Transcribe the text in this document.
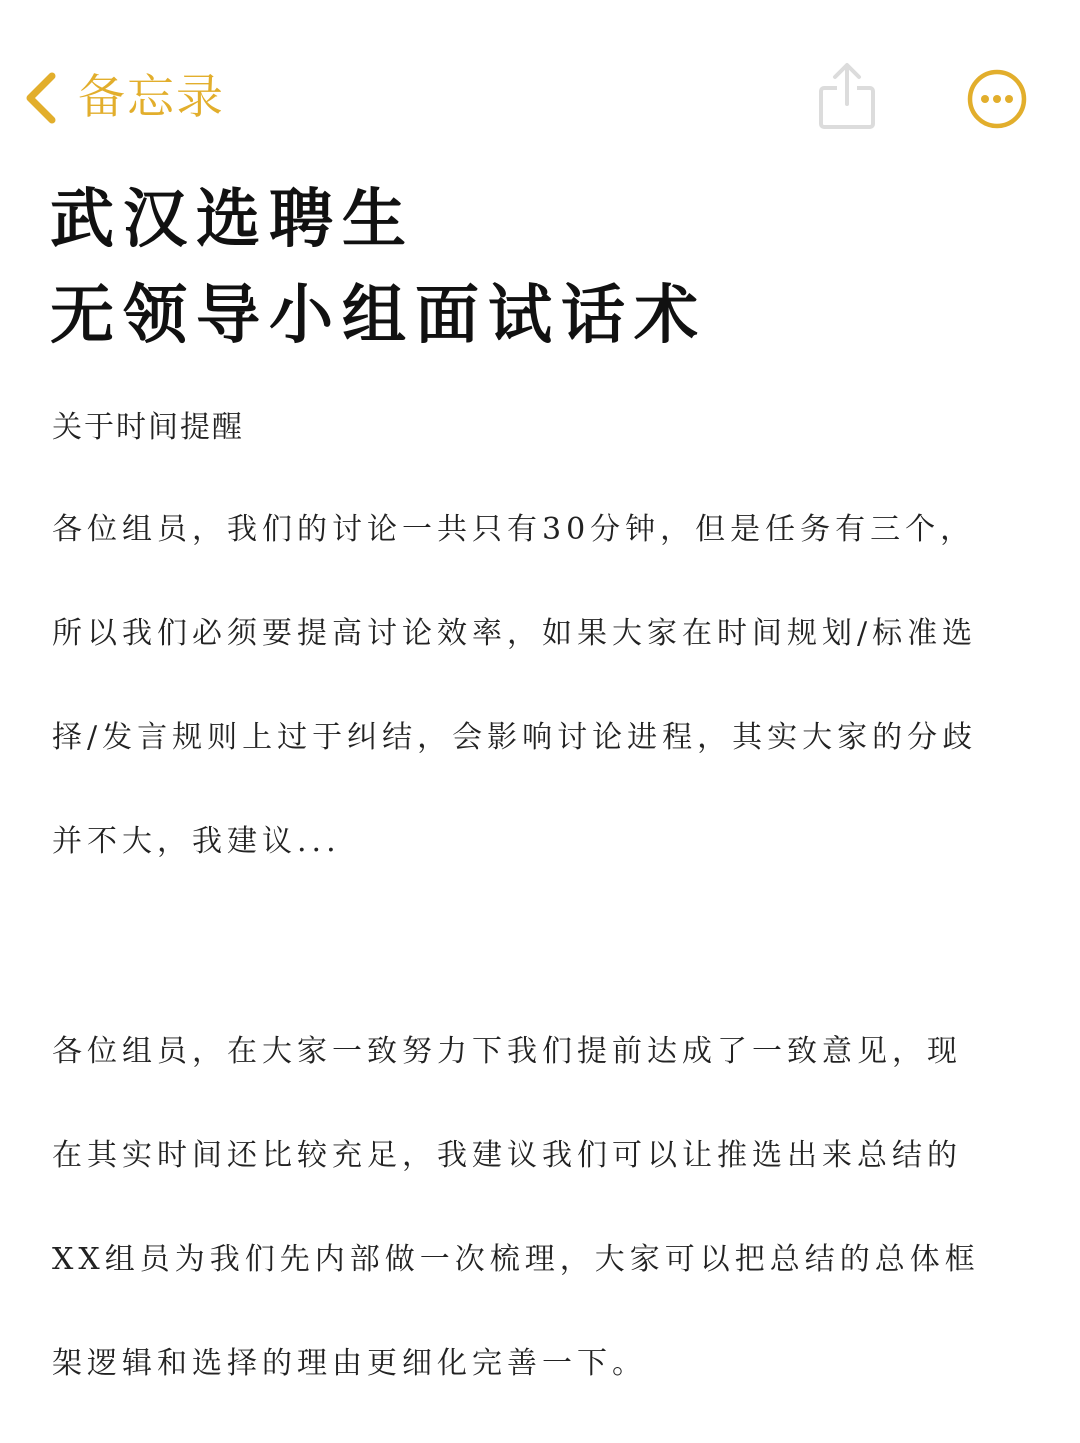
备忘录
武汉选聘生
无领导小组面试话术
关于时间提醒

各位组员，我们的讨论一共只有30分钟，但是任务有三个，
所以我们必须要提高讨论效率，如果大家在时间规划/标准选
择/发言规则上过于纠结，会影响讨论进程，其实大家的分歧
并不大，我建议...

各位组员，在大家一致努力下我们提前达成了一致意见，现
在其实时间还比较充足，我建议我们可以让推选出来总结的
XX组员为我们先内部做一次梳理，大家可以把总结的总体框
架逻辑和选择的理由更细化完善一下。
